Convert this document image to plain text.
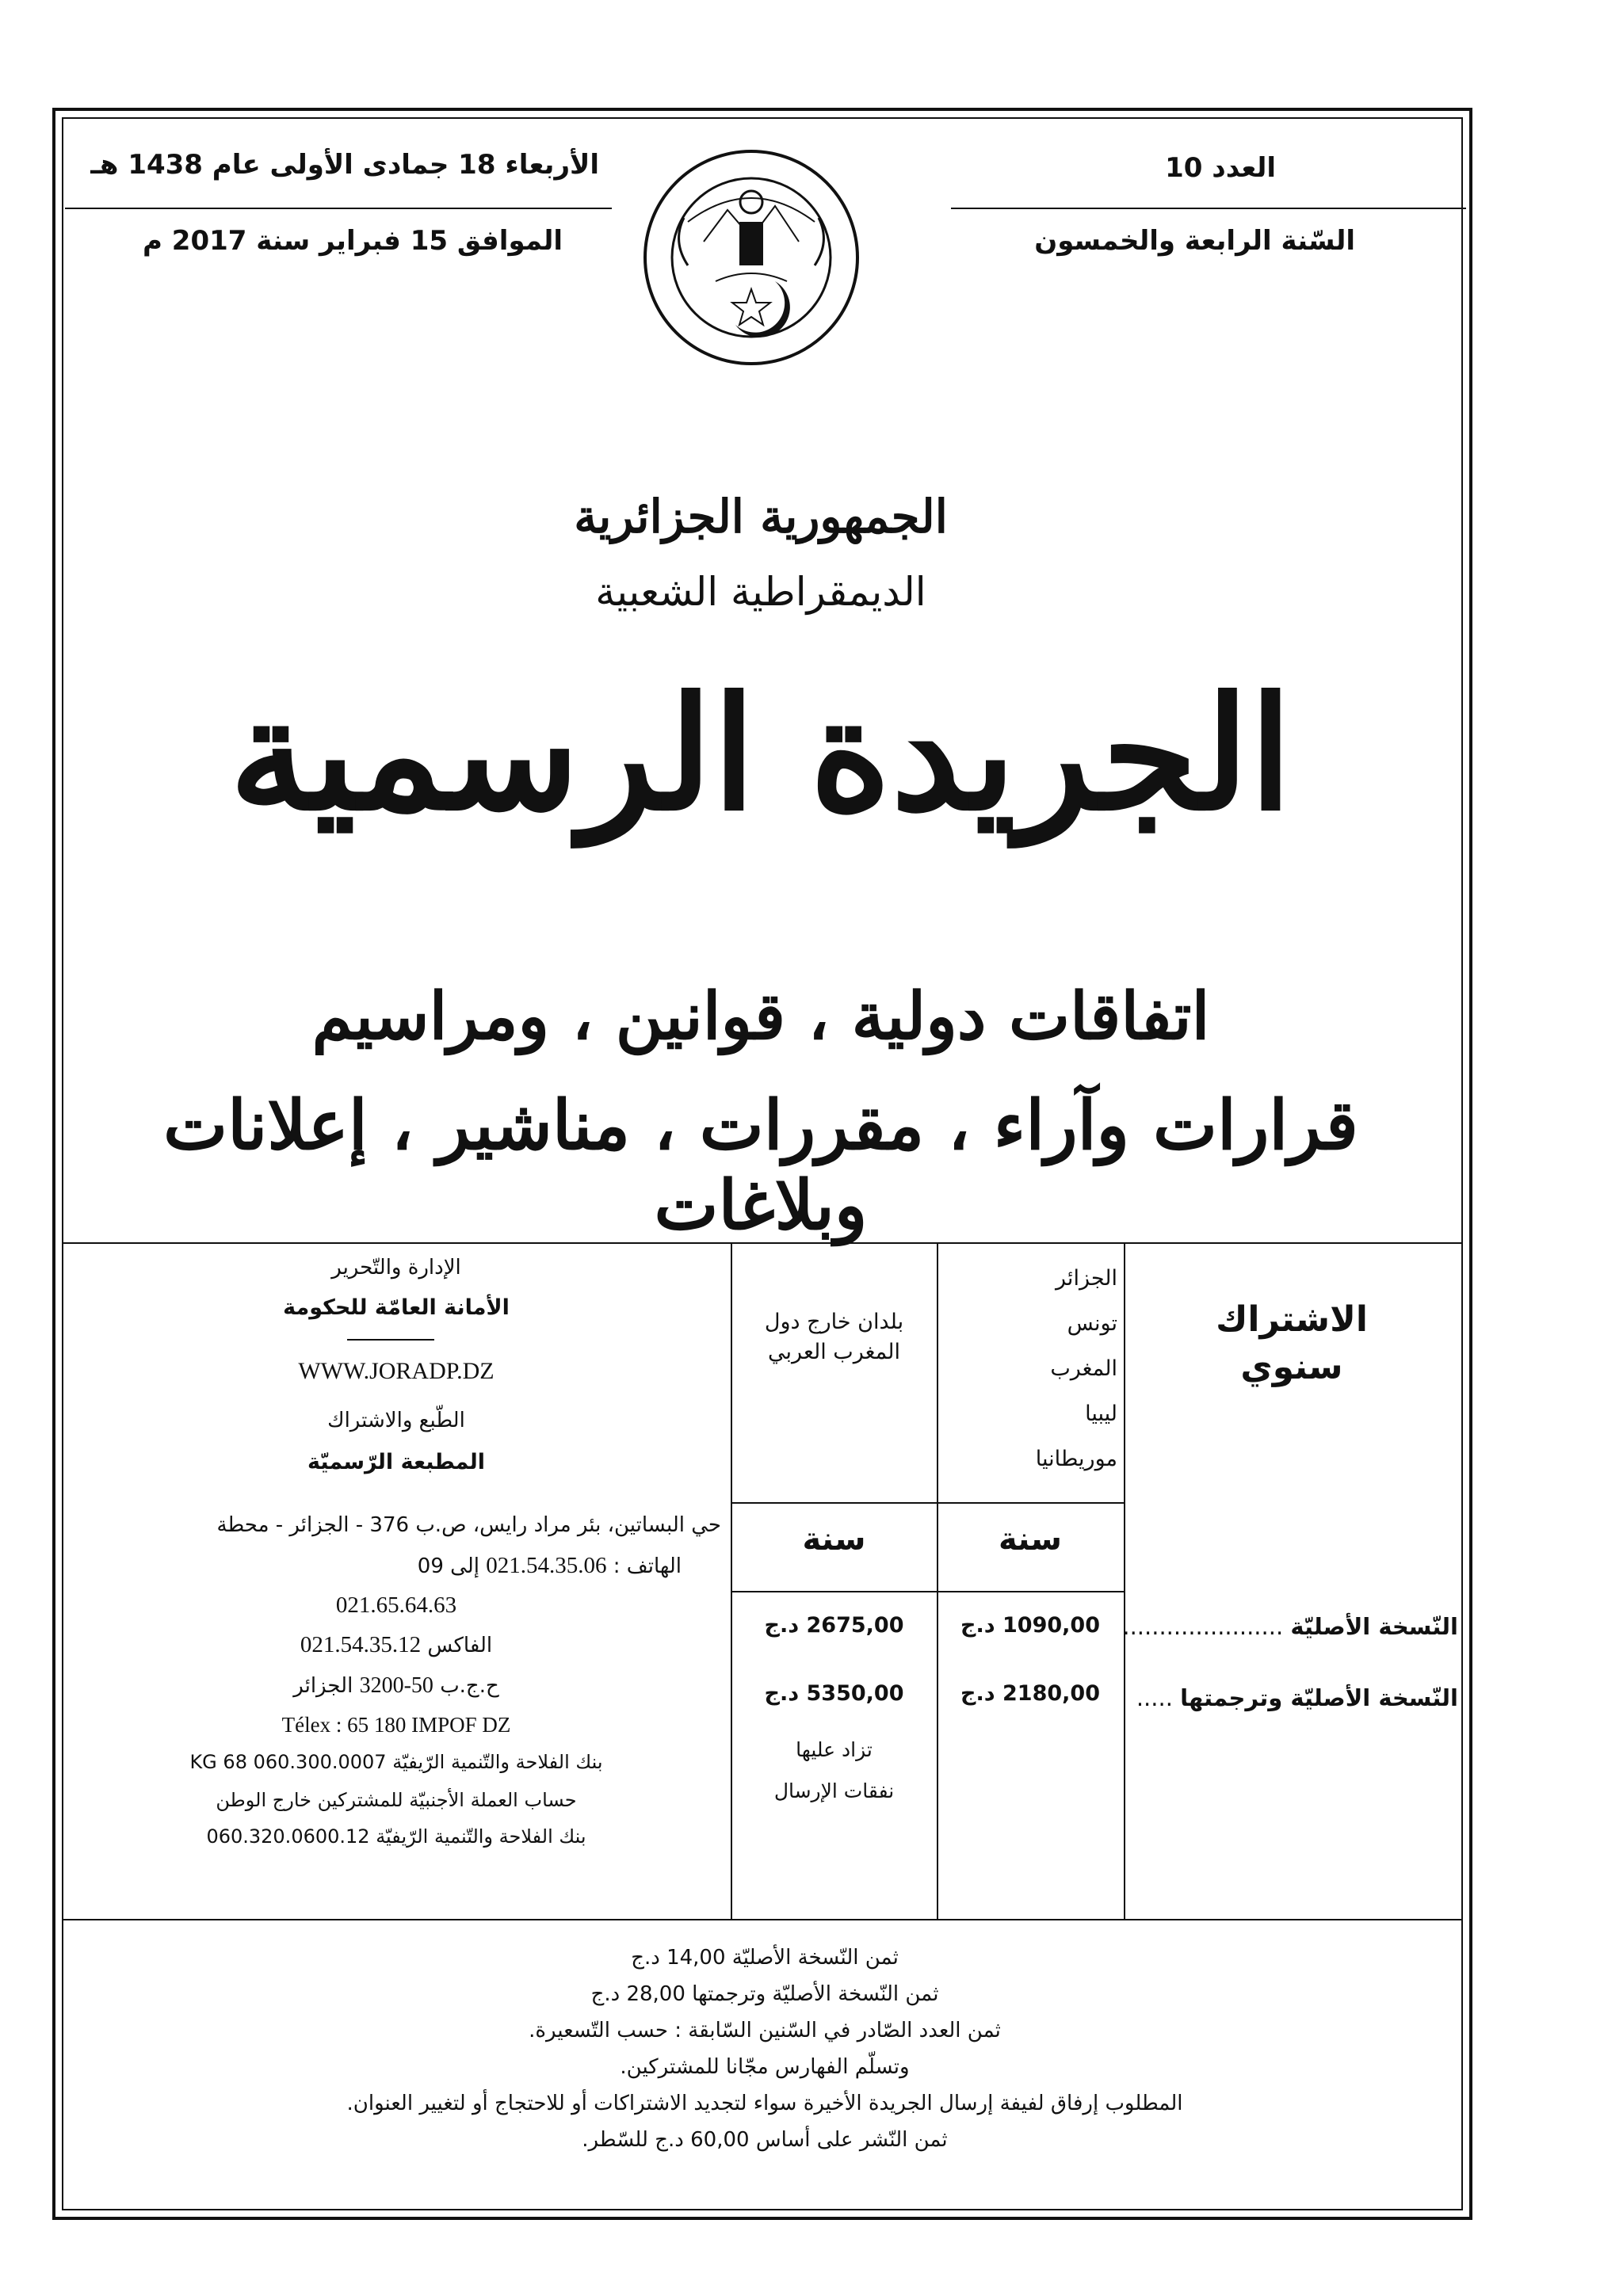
العدد 10
السّنة الرابعة والخمسون
الأربعاء 18 جمادى الأولى عام 1438 هـ
الموافق 15 فبراير سنة 2017 م
الجمهورية الجزائرية
الديمقراطية الشعبية
الجريدة الرسمية
اتفاقات دولية ، قوانين ، ومراسيم
قرارات وآراء ، مقررات ، مناشير ، إعلانات وبلاغات
الاشتراك
سنوي
الجزائر
تونس
المغرب
ليبيا
موريطانيا
بلدان خارج دول المغرب العربي
سنة
سنة
النّسخة الأصليّة ......................
النّسخة الأصليّة وترجمتها .....
1090,00 د.ج
2180,00 د.ج
2675,00 د.ج
5350,00 د.ج
تزاد عليها
نفقات الإرسال
الإدارة والتّحرير
الأمانة العامّة للحكومة
WWW.JORADP.DZ
الطّبع والاشتراك
المطبعة الرّسميّة
حي البساتين، بئر مراد رايس، ص.ب 376 - الجزائر - محطة
الهاتف : 021.54.35.06 إلى 09
021.65.64.63
الفاكس 021.54.35.12
ح.ج.ب 50-3200 الجزائر
Télex : 65 180 IMPOF DZ
بنك الفلاحة والتّنمية الرّيفيّة 060.300.0007 68 KG
حساب العملة الأجنبيّة للمشتركين خارج الوطن
بنك الفلاحة والتّنمية الرّيفيّة 060.320.0600.12
ثمن النّسخة الأصليّة 14,00 د.ج
ثمن النّسخة الأصليّة وترجمتها 28,00 د.ج
ثمن العدد الصّادر في السّنين السّابقة : حسب التّسعيرة.
وتسلّم الفهارس مجّانا للمشتركين.
المطلوب إرفاق لفيفة إرسال الجريدة الأخيرة سواء لتجديد الاشتراكات أو للاحتجاج أو لتغيير العنوان.
ثمن النّشر على أساس 60,00 د.ج للسّطر.
